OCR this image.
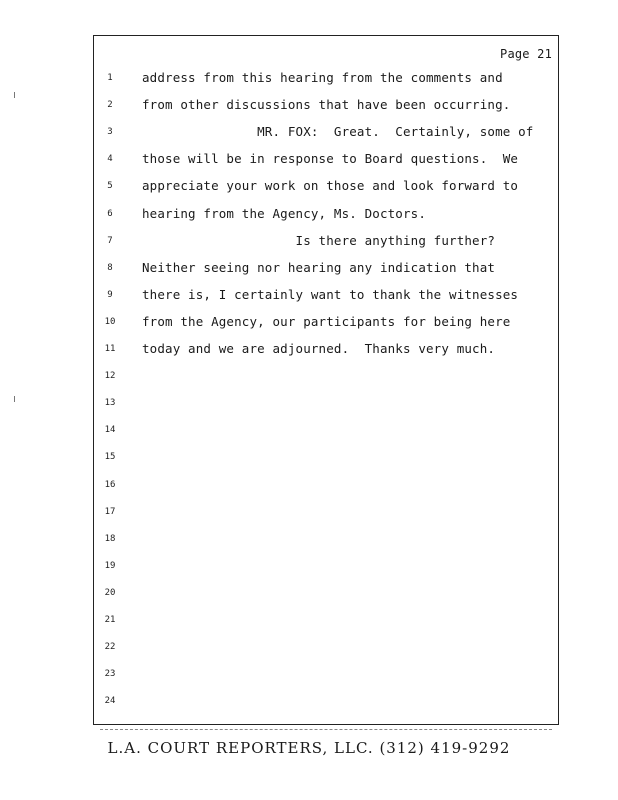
Page 21
1	address from this hearing from the comments and
2	from other discussions that have been occurring.
3	MR. FOX:  Great.  Certainly, some of
4	those will be in response to Board questions.  We
5	appreciate your work on those and look forward to
6	hearing from the Agency, Ms. Doctors.
7	Is there anything further?
8	Neither seeing nor hearing any indication that
9	there is, I certainly want to thank the witnesses
10 from the Agency, our participants for being here
11 today and we are adjourned.  Thanks very much.
12
13
14
15
16
17
18
19
20
21
22
23
24
L.A. COURT REPORTERS, LLC. (312) 419-9292
